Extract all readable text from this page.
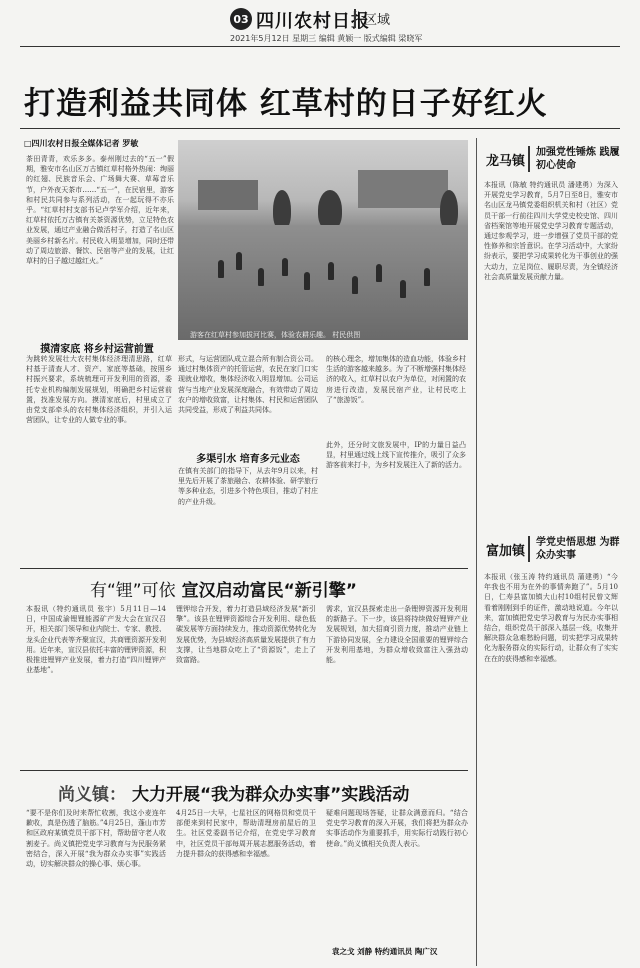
03 四川农村日报
区域
2021年5月12日 星期三 编辑 黄颖一 版式编辑 梁晓军
打造利益共同体 红草村的日子好红火
□四川农村日报全媒体记者 罗敏
茶田青青，欢乐多多。泰州刚过去的“五一”假期，雅安市名山区万古镇红草村格外热闹：绚丽的红翅、民族音乐会、广场舞大赛、草莓音乐节，户外夜天茶市……“五一”，在民宿里，游客和村民共同参与系列活动，在一起玩得不亦乐乎。“红草村村支部书记卢学军介绍，近年来，红草村依托万古镇有关茶资源优势，立足特色农业发展，通过产业融合做活村子，打造了名山区美丽乡村新名片。村民收入明显增加，同时还带动了周边旅游、餐饮、民宿等产业的发展，让红草村的日子越过越红火。”
游客在红草村参加拔河比赛，体验农耕乐趣。 村民供图
摸清家底 将乡村运营前置
为跳转发展壮大农村集体经济理清思路，红草村基于清查人才、资产、家底等基础，按照乡村振兴要求，系统梳理可开发利用的资源，委托专业机构编制发展规划，明确把乡村运营前置，找准发展方向。摸清家底后，村里成立了由党支部牵头的农村集体经济组织，并引入运营团队，让专业的人做专业的事。
形式，与运营团队成立混合所有制合资公司。通过村集体资产的托管运营，农民在家门口实现就业增收，集体经济收入明显增加。公司运营与当地产业发展深度融合，有效带动了周边农户的增收致富，让村集体、村民和运营团队共同受益，形成了利益共同体。
多渠引水 培育多元业态
在镇有关部门的指导下，从去年9月以来，村里先后开展了茶旅融合、农耕体验、研学旅行等多种业态，引进多个特色项目，推动了村庄的产业升级。
的核心理念，增加集体的造血功能，体验乡村生活的游客越来越多。为了不断增强村集体经济的收入，红草村以农户为单位，对闲置的农房进行改造，发展民宿产业，让村民吃上了“旅游饭”。
此外，还分时文旅发展中，IP的力量日益凸显，村里通过线上线下宣传推介，吸引了众多游客前来打卡，为乡村发展注入了新的活力。
龙马镇
加强党性锤炼 践履初心使命
本报讯（陈敏 特约通讯员 潘建勇）为深入开展党史学习教育，5月7日至8日，雅安市名山区龙马镇党委组织机关和村（社区）党员干部一行前往四川大学党史校史馆、四川省档案馆等地开展党史学习教育专题活动，通过参观学习，进一步增强了党员干部的党性修养和宗旨意识。在学习活动中，大家纷纷表示，要把学习成果转化为干事创业的强大动力，立足岗位、履职尽责，为全镇经济社会高质量发展贡献力量。
富加镇
学党史悟思想 为群众办实事
本报讯（张玉涛 特约通讯员 蒲建勇）“今年我也不用为在外的事情奔跑了”。5月10日，仁寿县富加镇大山村10组村民曾文辉看着刚刚到手的证件，激动地说道。今年以来，富加镇把党史学习教育与为民办实事相结合，组织党员干部深入基层一线，收集并解决群众急难愁盼问题，切实把学习成果转化为服务群众的实际行动，让群众有了实实在在的获得感和幸福感。
有“锂”可依 宣汉启动富民“新引擎”
本报讯（特约通讯员 张宇）5月11日—14日，中国成渝锂锂能源矿产发大会在宣汉召开，相关部门领导和业内院士、专家、教授、龙头企业代表等齐聚宣汉，共商锂资源开发利用。近年来，宣汉县依托丰富的锂钾资源，积极推进锂钾产业发展，着力打造“四川锂钾产业基地”。
锂钾综合开发，着力打造县域经济发展“新引擎”。该县在锂钾资源综合开发利用、绿色低碳发展等方面持续发力，推动资源优势转化为发展优势，为县域经济高质量发展提供了有力支撑，让当地群众吃上了“资源饭”，走上了致富路。
需求，宣汉县探索走出一条锂钾资源开发利用的新路子。下一步，该县将持续做好锂钾产业发展规划，加大招商引资力度，推动产业链上下游协同发展，全力建设全国重要的锂钾综合开发利用基地，为群众增收致富注入强劲动能。
尚义镇： 大力开展“我为群众办实事”实践活动
“要不是你们及时来帮忙收割，我这小麦连年歉收，真是伤透了脑筋。”4月25日，蓬山市芳和区政府某镇党员干部下村，帮助留守老人收割麦子。尚义镇把党史学习教育与为民服务紧密结合，深入开展“我为群众办实事”实践活动，切实解决群众的操心事、烦心事。
4月25日一大早，七星社区的网格员和党员干部便来到村民家中，帮助清理房前屋后的卫生。社区党委副书记介绍，在党史学习教育中，社区党员干部每周开展志愿服务活动，着力提升群众的获得感和幸福感。
疑难问题现场答疑，让群众满意而归。“结合党史学习教育的深入开展，我们将把为群众办实事活动作为重要抓手，用实际行动践行初心使命。”尚义镇相关负责人表示。
袁之戈 刘静 特约通讯员 陶广汉
